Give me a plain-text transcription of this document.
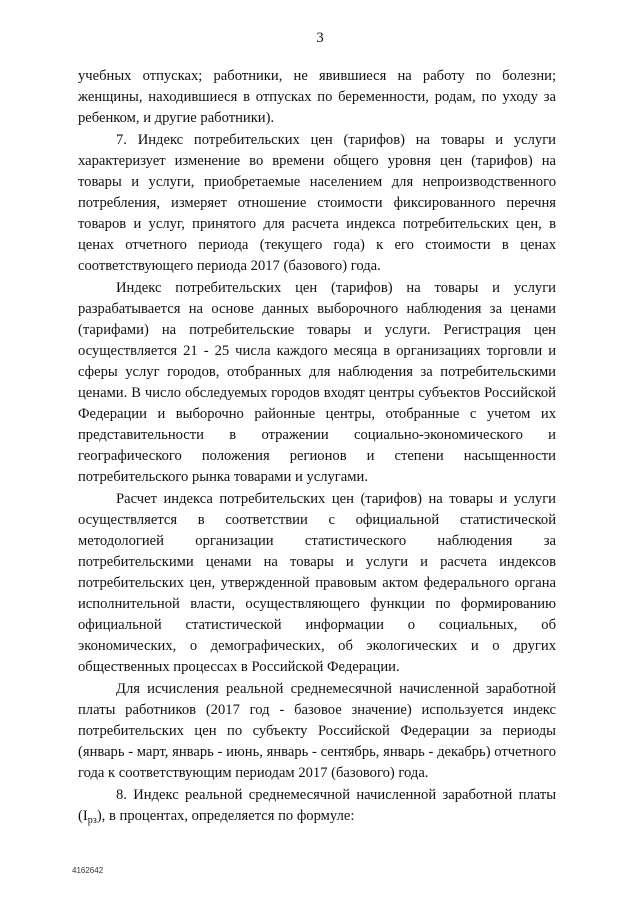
3

учебных отпусках; работники, не явившиеся на работу по болезни; женщины, находившиеся в отпусках по беременности, родам, по уходу за ребенком, и другие работники).

7. Индекс потребительских цен (тарифов) на товары и услуги характеризует изменение во времени общего уровня цен (тарифов) на товары и услуги, приобретаемые населением для непроизводственного потребления, измеряет отношение стоимости фиксированного перечня товаров и услуг, принятого для расчета индекса потребительских цен, в ценах отчетного периода (текущего года) к его стоимости в ценах соответствующего периода 2017 (базового) года.

Индекс потребительских цен (тарифов) на товары и услуги разрабатывается на основе данных выборочного наблюдения за ценами (тарифами) на потребительские товары и услуги. Регистрация цен осуществляется 21 - 25 числа каждого месяца в организациях торговли и сферы услуг городов, отобранных для наблюдения за потребительскими ценами. В число обследуемых городов входят центры субъектов Российской Федерации и выборочно районные центры, отобранные с учетом их представительности в отражении социально-экономического и географического положения регионов и степени насыщенности потребительского рынка товарами и услугами.

Расчет индекса потребительских цен (тарифов) на товары и услуги осуществляется в соответствии с официальной статистической методологией организации статистического наблюдения за потребительскими ценами на товары и услуги и расчета индексов потребительских цен, утвержденной правовым актом федерального органа исполнительной власти, осуществляющего функции по формированию официальной статистической информации о социальных, об экономических, о демографических, об экологических и о других общественных процессах в Российской Федерации.

Для исчисления реальной среднемесячной начисленной заработной платы работников (2017 год - базовое значение) используется индекс потребительских цен по субъекту Российской Федерации за периоды (январь - март, январь - июнь, январь - сентябрь, январь - декабрь) отчетного года к соответствующим периодам 2017 (базового) года.

8. Индекс реальной среднемесячной начисленной заработной платы $(I_{рз})$, в процентах, определяется по формуле:

4162642
